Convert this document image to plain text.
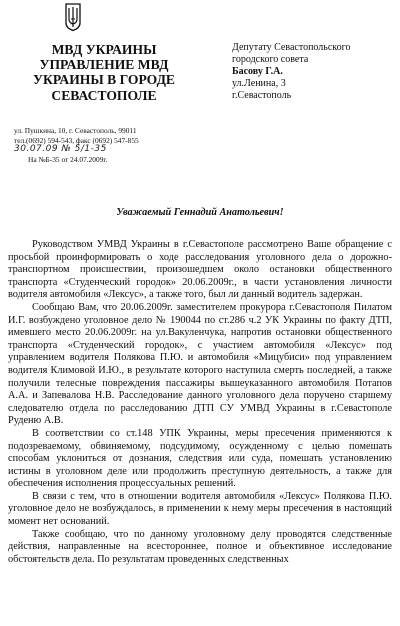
МВД УКРАИНЫ
УПРАВЛЕНИЕ МВД
УКРАИНЫ В ГОРОДЕ
СЕВАСТОПОЛЕ
ул. Пушкина, 10, г. Севастополь, 99011
тел.(0692) 594-543, факс (0692) 547-855
30.07.09 № 5/1-35
На №Б-35 от 24.07.2009г.
Депутату Севастопольского
городского совета
Басову Г.А.
ул.Ленина, 3
г.Севастополь
Уважаемый Геннадий Анатольевич!

Руководством УМВД Украины в г.Севастополе рассмотрено Ваше обращение с просьбой проинформировать о ходе расследования уголовного дела о дорожно-транспортном происшествии, произошедшем около остановки общественного транспорта «Студенческий городок» 20.06.2009г., в части установления личности водителя автомобиля «Лексус», а также того, был ли данный водитель задержан.

Сообщаю Вам, что 20.06.2009г. заместителем прокурора г.Севастополя Пилатом И.Г. возбуждено уголовное дело № 190044 по ст.286 ч.2 УК Украины по факту ДТП, имевшего место 20.06.2009г. на ул.Вакуленчука, напротив остановки общественного транспорта «Студенческий городок», с участием автомобиля «Лексус» под управлением водителя Полякова П.Ю. и автомобиля «Мицубиси» под управлением водителя Климовой И.Ю., в результате которого наступила смерть последней, а также получили телесные повреждения пассажиры вышеуказанного автомобиля Потапов А.А. и Запевалова Н.В. Расследование данного уголовного дела поручено старшему следователю отдела по расследованию ДТП СУ УМВД Украины в г.Севастополе Руденю А.В.

В соответствии со ст.148 УПК Украины, меры пресечения применяются к подозреваемому, обвиняемому, подсудимому, осужденному с целью помешать способам уклониться от дознания, следствия или суда, помешать установлению истины в уголовном деле или продолжить преступную деятельность, а также для обеспечения исполнения процессуальных решений.

В связи с тем, что в отношении водителя автомобиля «Лексус» Полякова П.Ю. уголовное дело не возбуждалось, в применении к нему меры пресечения в настоящий момент нет оснований.

Также сообщаю, что по данному уголовному делу проводятся следственные действия, направленные на всестороннее, полное и объективное исследование обстоятельств дела. По результатам проведенных следственных
